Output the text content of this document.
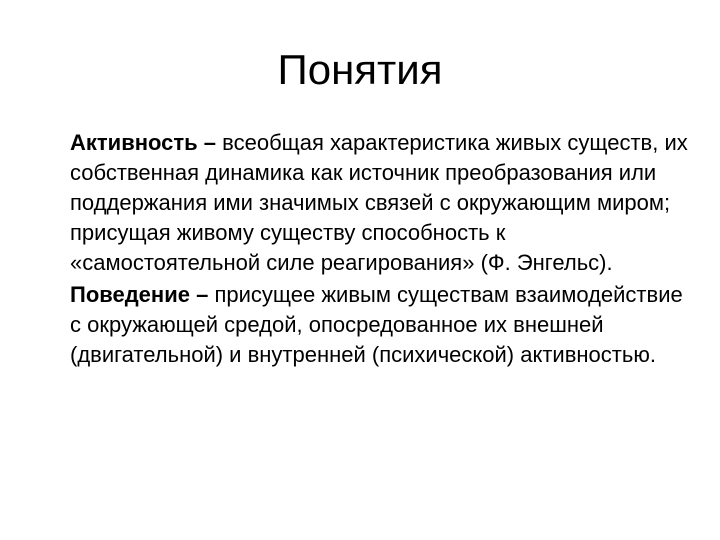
Понятия

Активность – всеобщая характеристика живых существ, их собственная динамика как источник преобразования или поддержания ими значимых связей с окружающим миром; присущая живому существу способность к «самостоятельной силе реагирования» (Ф. Энгельс).

Поведение – присущее живым существам взаимодействие с окружающей средой, опосредованное их внешней (двигательной) и внутренней (психической) активностью.
